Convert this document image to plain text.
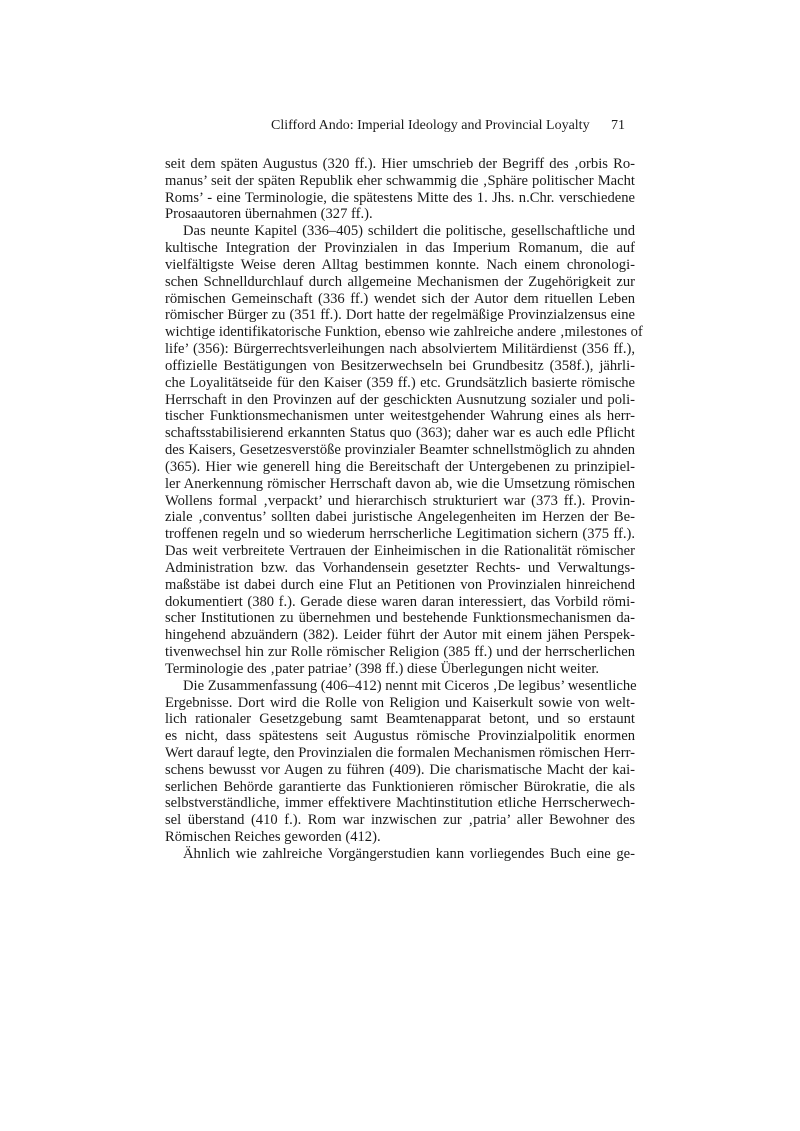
Clifford Ando: Imperial Ideology and Provincial Loyalty 71
seit dem späten Augustus (320 ff.). Hier umschrieb der Begriff des ‚orbis Ro-
manus’ seit der späten Republik eher schwammig die ‚Sphäre politischer Macht
Roms’ - eine Terminologie, die spätestens Mitte des 1. Jhs. n.Chr. verschiedene
Prosaautoren übernahmen (327 ff.).
Das neunte Kapitel (336–405) schildert die politische, gesellschaftliche und
kultische Integration der Provinzialen in das Imperium Romanum, die auf
vielfältigste Weise deren Alltag bestimmen konnte. Nach einem chronologi-
schen Schnelldurchlauf durch allgemeine Mechanismen der Zugehörigkeit zur
römischen Gemeinschaft (336 ff.) wendet sich der Autor dem rituellen Leben
römischer Bürger zu (351 ff.). Dort hatte der regelmäßige Provinzialzensus eine
wichtige identifikatorische Funktion, ebenso wie zahlreiche andere ‚milestones of
life’ (356): Bürgerrechtsverleihungen nach absolviertem Militärdienst (356 ff.),
offizielle Bestätigungen von Besitzerwechseln bei Grundbesitz (358f.), jährli-
che Loyalitätseide für den Kaiser (359 ff.) etc. Grundsätzlich basierte römische
Herrschaft in den Provinzen auf der geschickten Ausnutzung sozialer und poli-
tischer Funktionsmechanismen unter weitestgehender Wahrung eines als herr-
schaftsstabilisierend erkannten Status quo (363); daher war es auch edle Pflicht
des Kaisers, Gesetzesverstöße provinzialer Beamter schnellstmöglich zu ahnden
(365). Hier wie generell hing die Bereitschaft der Untergebenen zu prinzipiel-
ler Anerkennung römischer Herrschaft davon ab, wie die Umsetzung römischen
Wollens formal ‚verpackt’ und hierarchisch strukturiert war (373 ff.). Provin-
ziale ‚conventus’ sollten dabei juristische Angelegenheiten im Herzen der Be-
troffenen regeln und so wiederum herrscherliche Legitimation sichern (375 ff.).
Das weit verbreitete Vertrauen der Einheimischen in die Rationalität römischer
Administration bzw. das Vorhandensein gesetzter Rechts- und Verwaltungs-
maßstäbe ist dabei durch eine Flut an Petitionen von Provinzialen hinreichend
dokumentiert (380 f.). Gerade diese waren daran interessiert, das Vorbild römi-
scher Institutionen zu übernehmen und bestehende Funktionsmechanismen da-
hingehend abzuändern (382). Leider führt der Autor mit einem jähen Perspek-
tivenwechsel hin zur Rolle römischer Religion (385 ff.) und der herrscherlichen
Terminologie des ‚pater patriae’ (398 ff.) diese Überlegungen nicht weiter.
Die Zusammenfassung (406–412) nennt mit Ciceros ‚De legibus’ wesentliche
Ergebnisse. Dort wird die Rolle von Religion und Kaiserkult sowie von welt-
lich rationaler Gesetzgebung samt Beamtenapparat betont, und so erstaunt
es nicht, dass spätestens seit Augustus römische Provinzialpolitik enormen
Wert darauf legte, den Provinzialen die formalen Mechanismen römischen Herr-
schens bewusst vor Augen zu führen (409). Die charismatische Macht der kai-
serlichen Behörde garantierte das Funktionieren römischer Bürokratie, die als
selbstverständliche, immer effektivere Machtinstitution etliche Herrscherwech-
sel überstand (410 f.). Rom war inzwischen zur ‚patria’ aller Bewohner des
Römischen Reiches geworden (412).
Ähnlich wie zahlreiche Vorgängerstudien kann vorliegendes Buch eine ge-
